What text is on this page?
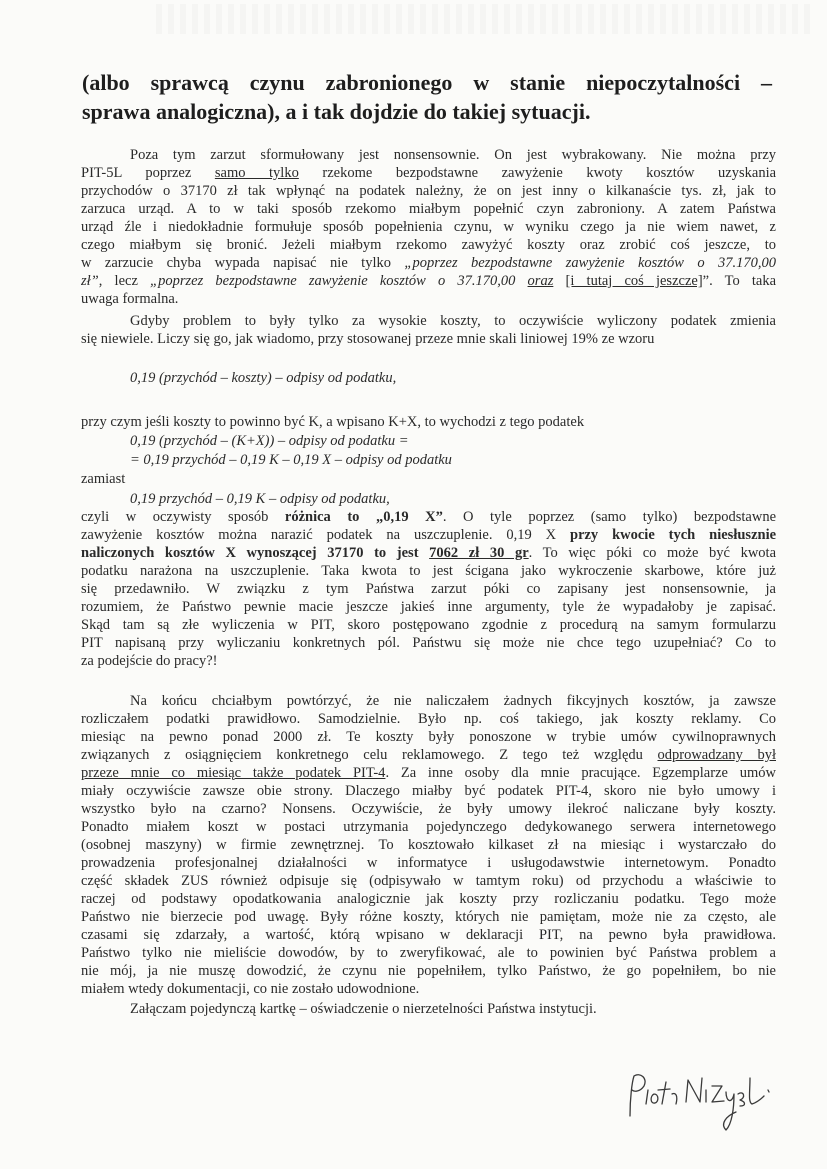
(albo sprawcą czynu zabronionego w stanie niepoczytalności –
sprawa analogiczna), a i tak dojdzie do takiej sytuacji.
Poza tym zarzut sformułowany jest nonsensownie. On jest wybrakowany. Nie można przy
PIT-5L poprzez samo tylko rzekome bezpodstawne zawyżenie kwoty kosztów uzyskania
przychodów o 37170 zł tak wpłynąć na podatek należny, że on jest inny o kilkanaście tys. zł, jak to
zarzuca urząd. A to w taki sposób rzekomo miałbym popełnić czyn zabroniony. A zatem Państwa
urząd źle i niedokładnie formułuje sposób popełnienia czynu, w wyniku czego ja nie wiem nawet, z
czego miałbym się bronić. Jeżeli miałbym rzekomo zawyżyć koszty oraz zrobić coś jeszcze, to
w zarzucie chyba wypada napisać nie tylko „poprzez bezpodstawne zawyżenie kosztów o 37.170,00
zł”, lecz „poprzez bezpodstawne zawyżenie kosztów o 37.170,00 oraz [i tutaj coś jeszcze]”. To taka
uwaga formalna.
Gdyby problem to były tylko za wysokie koszty, to oczywiście wyliczony podatek zmienia
się niewiele. Liczy się go, jak wiadomo, przy stosowanej przeze mnie skali liniowej 19% ze wzoru
0,19 (przychód – koszty) – odpisy od podatku,
przy czym jeśli koszty to powinno być K, a wpisano K+X, to wychodzi z tego podatek
0,19 (przychód – (K+X)) – odpisy od podatku =
= 0,19 przychód – 0,19 K – 0,19 X – odpisy od podatku
zamiast
0,19 przychód – 0,19 K – odpisy od podatku,
czyli w oczywisty sposób różnica to „0,19 X”. O tyle poprzez (samo tylko) bezpodstawne
zawyżenie kosztów można narazić podatek na uszczuplenie. 0,19 X przy kwocie tych niesłusznie
naliczonych kosztów X wynoszącej 37170 to jest 7062 zł 30 gr. To więc póki co może być kwota
podatku narażona na uszczuplenie. Taka kwota to jest ścigana jako wykroczenie skarbowe, które już
się przedawniło. W związku z tym Państwa zarzut póki co zapisany jest nonsensownie, ja
rozumiem, że Państwo pewnie macie jeszcze jakieś inne argumenty, tyle że wypadałoby je zapisać.
Skąd tam są złe wyliczenia w PIT, skoro postępowano zgodnie z procedurą na samym formularzu
PIT napisaną przy wyliczaniu konkretnych pól. Państwu się może nie chce tego uzupełniać? Co to
za podejście do pracy?!
Na końcu chciałbym powtórzyć, że nie naliczałem żadnych fikcyjnych kosztów, ja zawsze
rozliczałem podatki prawidłowo. Samodzielnie. Było np. coś takiego, jak koszty reklamy. Co
miesiąc na pewno ponad 2000 zł. Te koszty były ponoszone w trybie umów cywilnoprawnych
związanych z osiągnięciem konkretnego celu reklamowego. Z tego też względu odprowadzany był
przeze mnie co miesiąc także podatek PIT-4. Za inne osoby dla mnie pracujące. Egzemplarze umów
miały oczywiście zawsze obie strony. Dlaczego miałby być podatek PIT-4, skoro nie było umowy i
wszystko było na czarno? Nonsens. Oczywiście, że były umowy ilekroć naliczane były koszty.
Ponadto miałem koszt w postaci utrzymania pojedynczego dedykowanego serwera internetowego
(osobnej maszyny) w firmie zewnętrznej. To kosztowało kilkaset zł na miesiąc i wystarczało do
prowadzenia profesjonalnej działalności w informatyce i usługodawstwie internetowym. Ponadto
część składek ZUS również odpisuje się (odpisywało w tamtym roku) od przychodu a właściwie to
raczej od podstawy opodatkowania analogicznie jak koszty przy rozliczaniu podatku. Tego może
Państwo nie bierzecie pod uwagę. Były różne koszty, których nie pamiętam, może nie za często, ale
czasami się zdarzały, a wartość, którą wpisano w deklaracji PIT, na pewno była prawidłowa.
Państwo tylko nie mieliście dowodów, by to zweryfikować, ale to powinien być Państwa problem a
nie mój, ja nie muszę dowodzić, że czynu nie popełniłem, tylko Państwo, że go popełniłem, bo nie
miałem wtedy dokumentacji, co nie zostało udowodnione.
Załączam pojedynczą kartkę – oświadczenie o nierzetelności Państwa instytucji.
